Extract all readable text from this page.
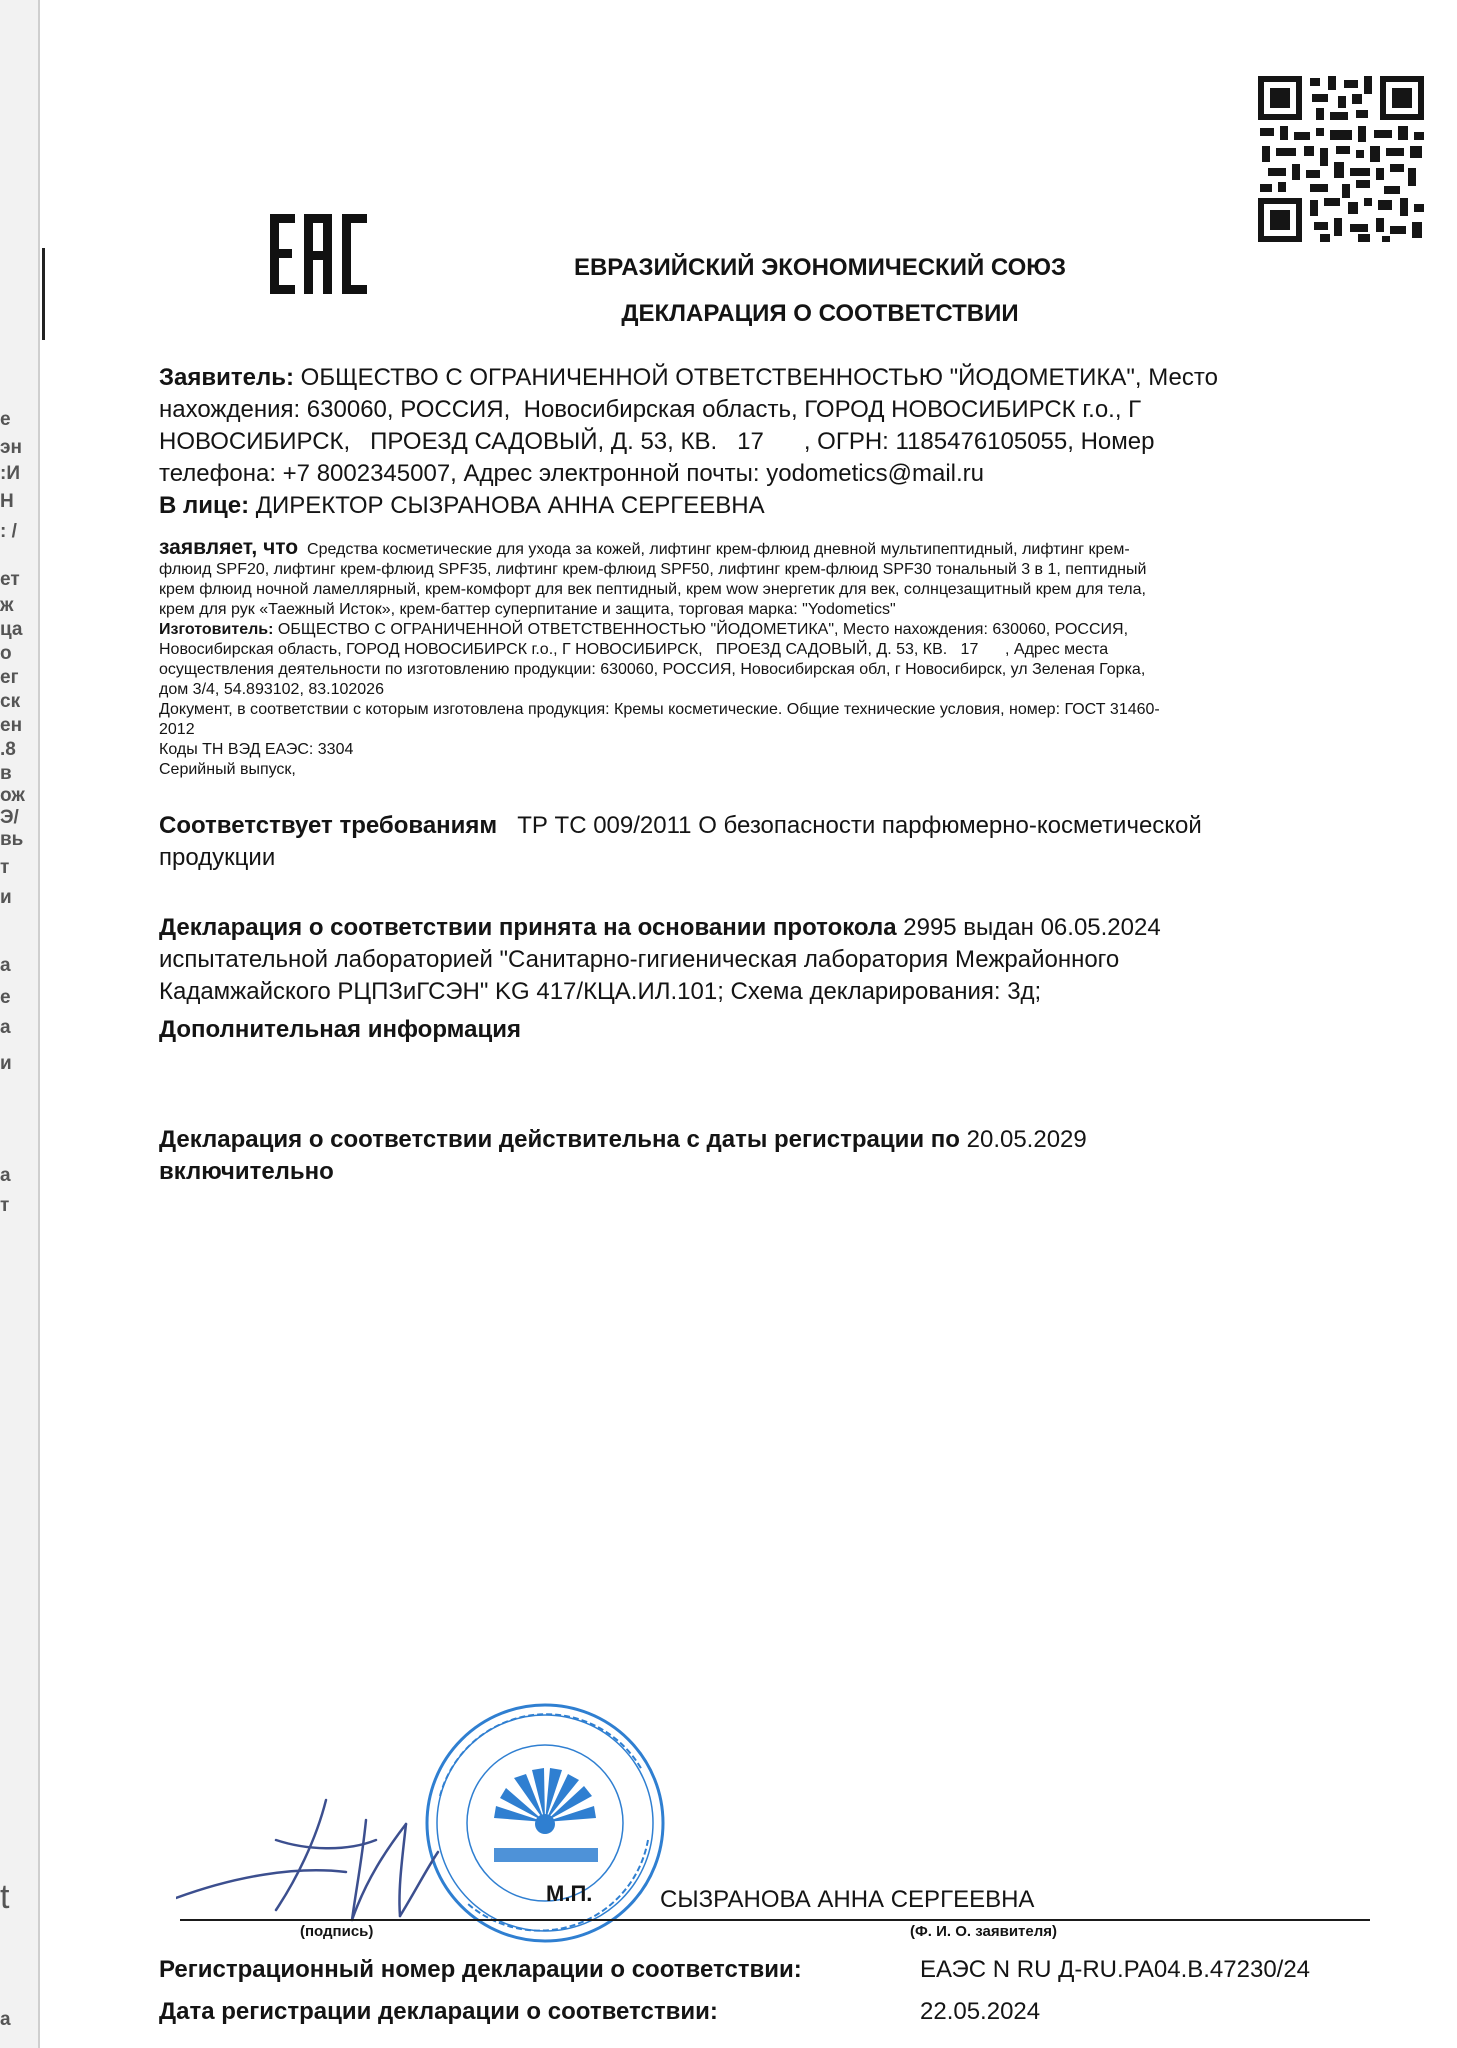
е
эн
:И
Н
: /
ет
ж
ца
о
ег
ск
ен
.8
в
ож
Э/
вь
т
и
а
е
а
и
а
т
t
а
ЕВРАЗИЙСКИЙ ЭКОНОМИЧЕСКИЙ СОЮЗ
ДЕКЛАРАЦИЯ О СООТВЕТСТВИИ
Заявитель: ОБЩЕСТВО С ОГРАНИЧЕННОЙ ОТВЕТСТВЕННОСТЬЮ "ЙОДОМЕТИКА", Место
нахождения: 630060, РОССИЯ,  Новосибирская область, ГОРОД НОВОСИБИРСК г.о., Г
НОВОСИБИРСК,   ПРОЕЗД САДОВЫЙ, Д. 53, КВ.   17      , ОГРН: 1185476105055, Номер
телефона: +7 8002345007, Адрес электронной почты: yodometics@mail.ru
В лице: ДИРЕКТОР СЫЗРАНОВА АННА СЕРГЕЕВНА
заявляет, что Средства косметические для ухода за кожей, лифтинг крем-флюид дневной мультипептидный, лифтинг крем-
флюид SPF20, лифтинг крем-флюид SPF35, лифтинг крем-флюид SPF50, лифтинг крем-флюид SPF30 тональный 3 в 1, пептидный
крем флюид ночной ламеллярный, крем-комфорт для век пептидный, крем wow энергетик для век, солнцезащитный крем для тела,
крем для рук «Таежный Исток», крем-баттер суперпитание и защита, торговая марка: "Yodometics"
Изготовитель: ОБЩЕСТВО С ОГРАНИЧЕННОЙ ОТВЕТСТВЕННОСТЬЮ "ЙОДОМЕТИКА", Место нахождения: 630060, РОССИЯ,
Новосибирская область, ГОРОД НОВОСИБИРСК г.о., Г НОВОСИБИРСК,   ПРОЕЗД САДОВЫЙ, Д. 53, КВ.   17      , Адрес места
осуществления деятельности по изготовлению продукции: 630060, РОССИЯ, Новосибирская обл, г Новосибирск, ул Зеленая Горка,
дом 3/4, 54.893102, 83.102026
Документ, в соответствии с которым изготовлена продукция: Кремы косметические. Общие технические условия, номер: ГОСТ 31460-
2012
Коды ТН ВЭД ЕАЭС: 3304
Серийный выпуск,
Соответствует требованиям ТР ТС 009/2011 О безопасности парфюмерно-косметической
продукции
Декларация о соответствии принята на основании протокола 2995 выдан 06.05.2024
испытательной лабораторией "Санитарно-гигиеническая лаборатория Межрайонного
Кадамжайского РЦПЗиГСЭН" KG 417/КЦА.ИЛ.101; Схема декларирования: 3д;
Дополнительная информация
Декларация о соответствии действительна с даты регистрации по 20.05.2029
включительно
М.П.	СЫЗРАНОВА АННА СЕРГЕЕВНА
(подпись)	(Ф. И. О. заявителя)
Регистрационный номер декларации о соответствии:	ЕАЭС N RU Д-RU.PA04.B.47230/24
Дата регистрации декларации о соответствии:	22.05.2024
